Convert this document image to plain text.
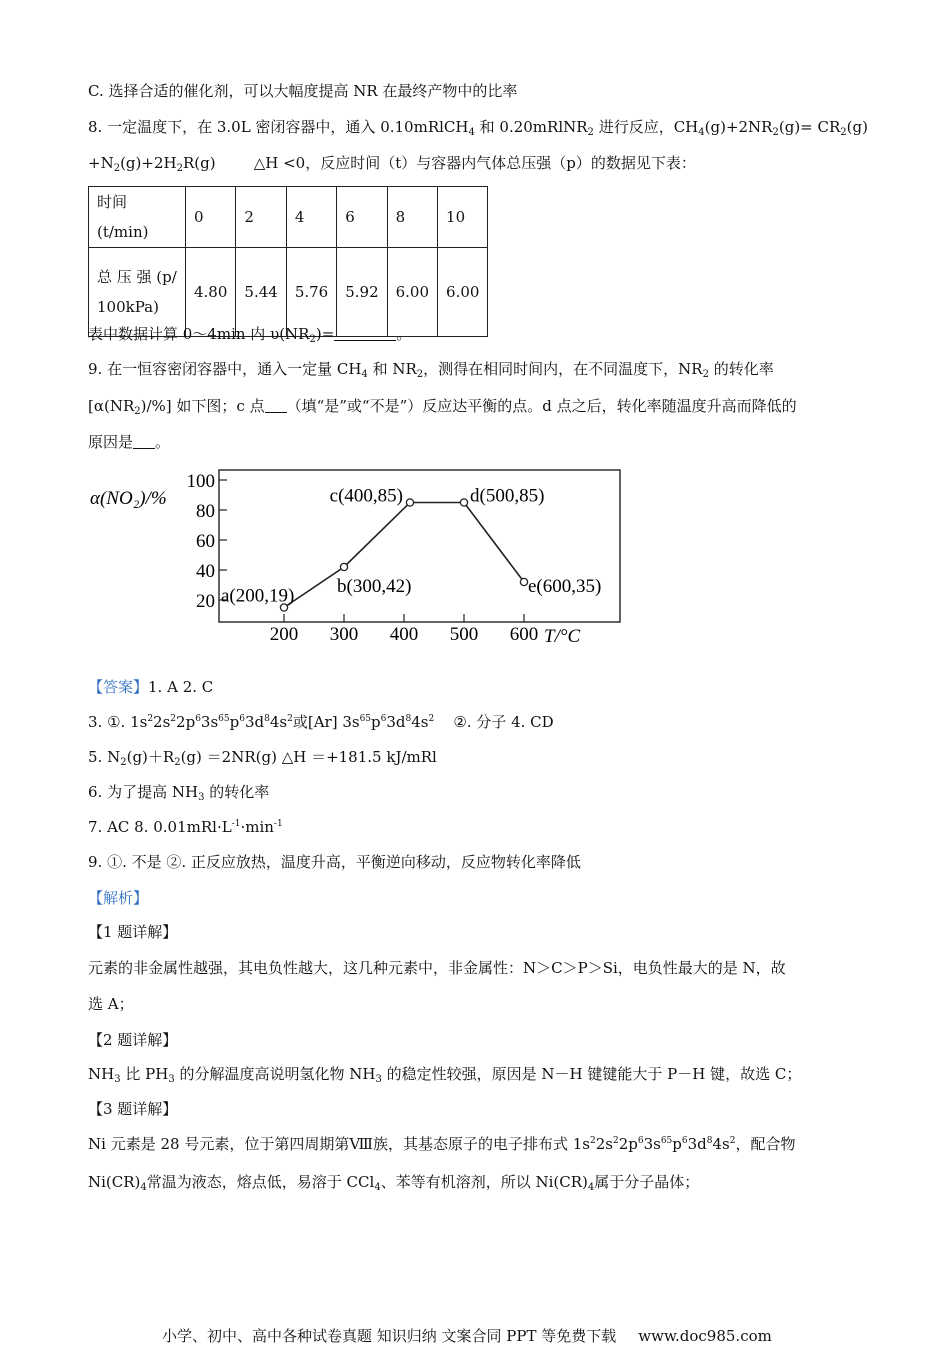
C. 选择合适的催化剂，可以大幅度提高 NR 在最终产物中的比率
8. 一定温度下，在 3.0L 密闭容器中，通入 0.10mRlCH$_4$ 和 0.20mRlNR$_2$ 进行反应，$CH_4(g)+2NR_2(g)= CR_2(g)$
$+N_2(g)+2H_2R(g)$	△H <0，反应时间（t）与容器内气体总压强（p）的数据见下表：
时间(t/min)	0	2	4	6	8	10
总 压 强 (p/ 100kPa)	4.80	5.44	5.76	5.92	6.00	6.00
表中数据计算 0～4min 内 $\upsilon(NR_2)=$	。
9. 在一恒容密闭容器中，通入一定量 $CH_4$ 和 $NR_2$，测得在相同时间内，在不同温度下，$NR_2$ 的转化率
$[\alpha(NR_2)/\%]$ 如下图；c 点 （填“是”或“不是”）反应达平衡的点。d 点之后，转化率随温度升高而降低的
原因是 。
α(NO₂)/%
100
80
60
40
20
200 300 400 500 600
a(200,19) b(300,42)
c(400,85)	d(500,85)
e(600,35)
T/°C
【答案】1. A 2. C
3. ①. $1s^22s^22p^63s^{65}p^63d^84s^2$或[Ar] $3s^{65}p^63d^84s^2$ ②. 分子 4. CD
5. $N_2(g)+R_2(g) =2NR(g)$ △H ＝+181.5 kJ/mRl
6. 为了提高 $NH_3$ 的转化率
7. AC 8. $0.01mRl\cdot L^{-1}\cdot\min^{-1}$
9. ①. 不是 ②. 正反应放热，温度升高，平衡逆向移动，反应物转化率降低
【解析】
【1 题详解】
元素的非金属性越强，其电负性越大，这几种元素中，非金属性：N＞C＞P＞Si，电负性最大的是 N，故
选 A；
【2 题详解】
$NH_3$ 比 $PH_3$ 的分解温度高说明氢化物 $NH_3$ 的稳定性较强，原因是 N－H 键键能大于 P－H 键，故选 C；
【3 题详解】
Ni 元素是 28 号元素，位于第四周期第Ⅷ族，其基态原子的电子排布式 $1s^22s^22p^63s^{65}p^63d^84s^2$，配合物
$Ni(CR)_4$常温为液态，熔点低，易溶于 CCl$_4$、苯等有机溶剂，所以 $Ni(CR)_4$属于分子晶体；
小学、初中、高中各种试卷真题 知识归纳 文案合同 PPT 等免费下载 www.doc985.com
